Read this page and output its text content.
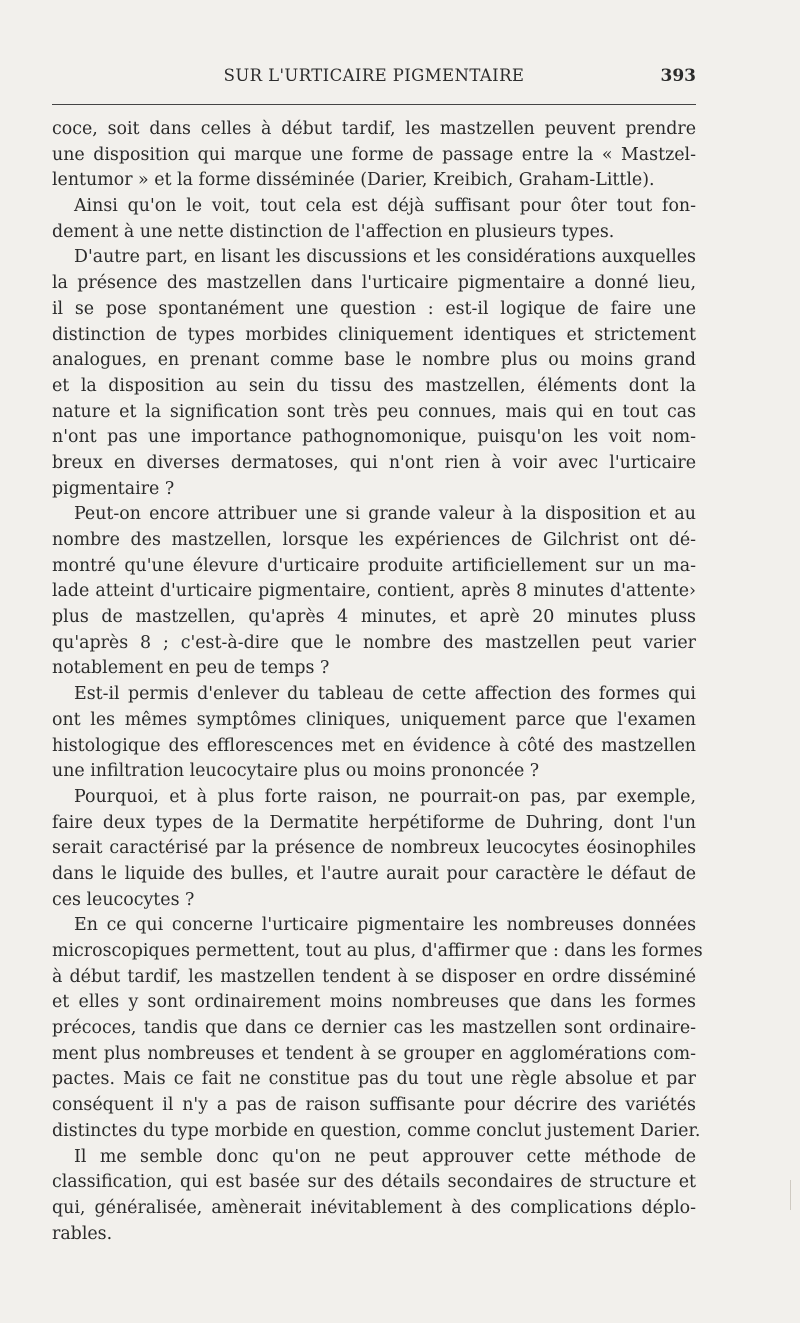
SUR L'URTICAIRE PIGMENTAIRE	393
coce, soit dans celles à début tardif, les mastzellen peuvent prendre
une disposition qui marque une forme de passage entre la « Mastzel-
lentumor » et la forme disséminée (Darier, Kreibich, Graham-Little).
Ainsi qu'on le voit, tout cela est déjà suffisant pour ôter tout fon-
dement à une nette distinction de l'affection en plusieurs types.
D'autre part, en lisant les discussions et les considérations auxquelles
la présence des mastzellen dans l'urticaire pigmentaire a donné lieu,
il se pose spontanément une question : est-il logique de faire une
distinction de types morbides cliniquement identiques et strictement
analogues, en prenant comme base le nombre plus ou moins grand
et la disposition au sein du tissu des mastzellen, éléments dont la
nature et la signification sont très peu connues, mais qui en tout cas
n'ont pas une importance pathognomonique, puisqu'on les voit nom-
breux en diverses dermatoses, qui n'ont rien à voir avec l'urticaire
pigmentaire ?
Peut-on encore attribuer une si grande valeur à la disposition et au
nombre des mastzellen, lorsque les expériences de Gilchrist ont dé-
montré qu'une élevure d'urticaire produite artificiellement sur un ma-
lade atteint d'urticaire pigmentaire, contient, après 8 minutes d'attente›
plus de mastzellen, qu'après 4 minutes, et aprè 20 minutes pluss
qu'après 8 ; c'est-à-dire que le nombre des mastzellen peut varier
notablement en peu de temps ?
Est-il permis d'enlever du tableau de cette affection des formes qui
ont les mêmes symptômes cliniques, uniquement parce que l'examen
histologique des efflorescences met en évidence à côté des mastzellen
une infiltration leucocytaire plus ou moins prononcée ?
Pourquoi, et à plus forte raison, ne pourrait-on pas, par exemple,
faire deux types de la Dermatite herpétiforme de Duhring, dont l'un
serait caractérisé par la présence de nombreux leucocytes éosinophiles
dans le liquide des bulles, et l'autre aurait pour caractère le défaut de
ces leucocytes ?
En ce qui concerne l'urticaire pigmentaire les nombreuses données
microscopiques permettent, tout au plus, d'affirmer que : dans les formes
à début tardif, les mastzellen tendent à se disposer en ordre disséminé
et elles y sont ordinairement moins nombreuses que dans les formes
précoces, tandis que dans ce dernier cas les mastzellen sont ordinaire-
ment plus nombreuses et tendent à se grouper en agglomérations com-
pactes. Mais ce fait ne constitue pas du tout une règle absolue et par
conséquent il n'y a pas de raison suffisante pour décrire des variétés
distinctes du type morbide en question, comme conclut justement Darier.
Il me semble donc qu'on ne peut approuver cette méthode de
classification, qui est basée sur des détails secondaires de structure et
qui, généralisée, amènerait inévitablement à des complications déplo-
rables.
